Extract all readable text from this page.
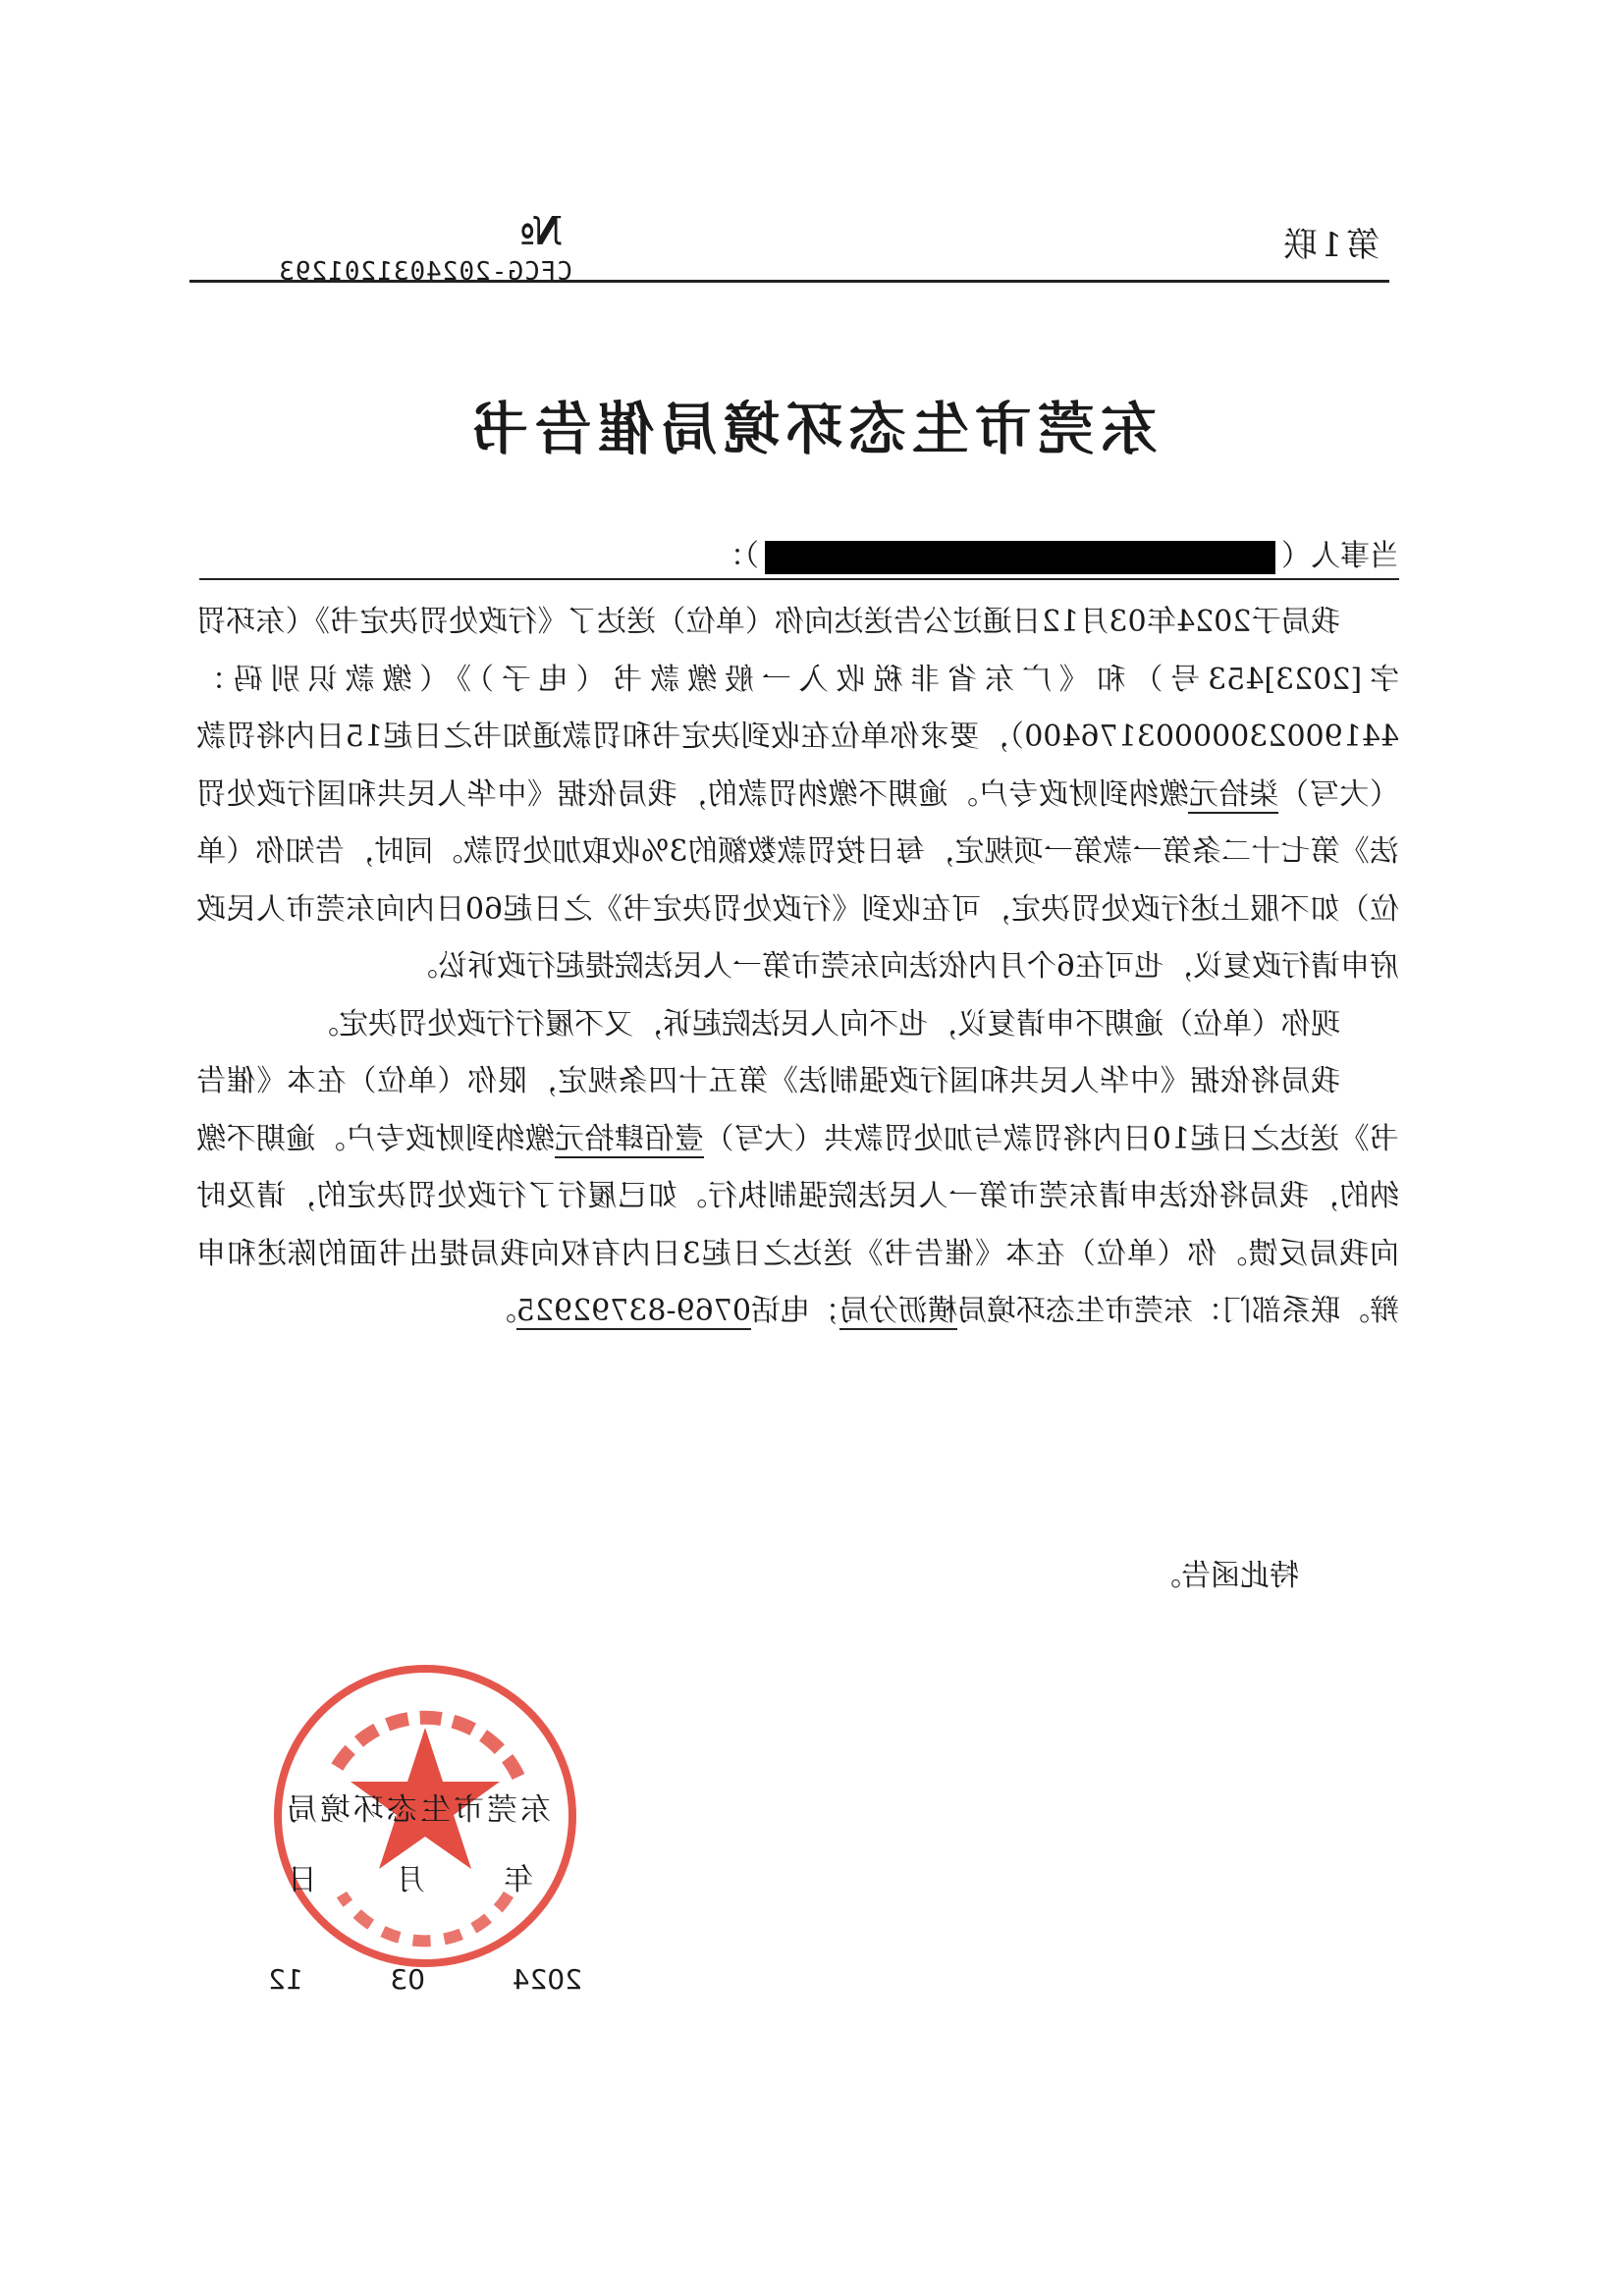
第1联
№
CFCG-2024031201293
东莞市生态环境局催告书
当事人（）：

我局于2024年03月12日通过公告送达向你（单位）送达了《行政处罚决定书》（东环罚字[2023]453号）和《广东省非税收入一般缴款书（电子）》（缴款识别码：4419002300000317640​0），要求你单位在收到决定书和罚款通知书之日起15日内将罚款（大写）柒拾元缴纳到财政专户。逾期不缴纳罚款的，我局依据《中华人民共和国行政处罚法》第七十二条第一款第一项规定，每日按罚款数额的3%收取加处罚款。同时，告知你（单位）如不服上述行政处罚决定，可在收到《行政处罚决定书》之日起60日内向东莞市人民政府申请行政复议，也可在6个月内依法向东莞市第一人民法院提起行政诉讼。

现你（单位）逾期不申请复议，也不向人民法院起诉，又不履行行政处罚决定。

我局将依据《中华人民共和国行政强制法》第五十四条规定，限你（单位）在本《催告书》送达之日起10日内将罚款与加处罚款共（大写）壹佰肆拾元缴纳到财政专户。逾期不缴纳的，我局将依法申请东莞市第一人民法院强制执行。如已履行了行政处罚决定的，请及时向我局反馈。你（单位）在本《催告书》送达之日起3日内有权向我局提出书面的陈述和申辩。联系部门：东莞市生态环境局横沥分局；电话0769-83792925。

特此函告。
东莞市生态环境局
年
月
日
2024
03
12
